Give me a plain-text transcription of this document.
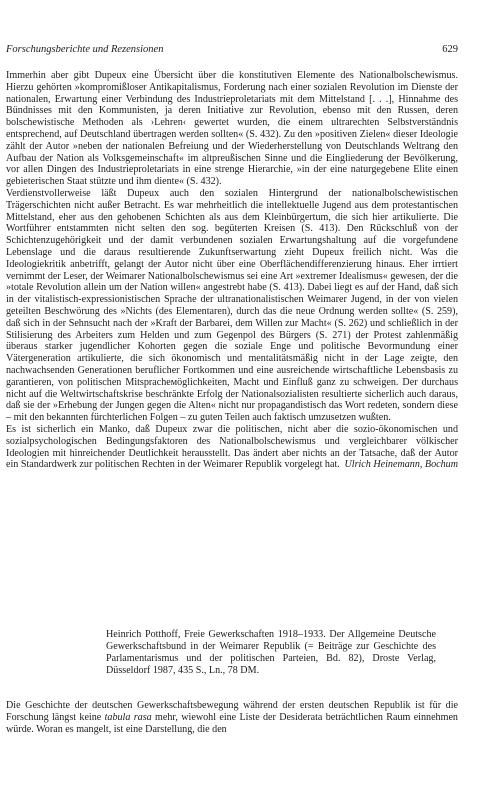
Forschungsberichte und Rezensionen	629

Immerhin aber gibt Dupeux eine Übersicht über die konstitutiven Elemente des Nationalbolschewismus. Hierzu gehörten »kompromißloser Antikapitalismus, Forderung nach einer sozialen Revolution im Dienste der nationalen, Erwartung einer Verbindung des Industrieproletariats mit dem Mittelstand [. . .], Hinnahme des Bündnisses mit den Kommunisten, ja deren Initiative zur Revolution, ebenso mit den Russen, deren bolschewistische Methoden als ›Lehren‹ gewertet wurden, die einem ultrarechten Selbstverständnis entsprechend, auf Deutschland übertragen werden sollten« (S. 432). Zu den »positiven Zielen« dieser Ideologie zählt der Autor »neben der nationalen Befreiung und der Wiederherstellung von Deutschlands Weltrang den Aufbau der Nation als Volksgemeinschaft« im altpreußischen Sinne und die Eingliederung der Bevölkerung, vor allen Dingen des Industrieproletariats in eine strenge Hierarchie, »in der eine naturgegebene Elite einen gebieterischen Staat stützte und ihm diente« (S. 432).

Verdienstvollerweise läßt Dupeux auch den sozialen Hintergrund der nationalbolschewistischen Trägerschichten nicht außer Betracht. Es war mehrheitlich die intellektuelle Jugend aus dem protestantischen Mittelstand, eher aus den gehobenen Schichten als aus dem Kleinbürgertum, die sich hier artikulierte. Die Wortführer entstammten nicht selten den sog. begüterten Kreisen (S. 413). Den Rückschluß von der Schichtenzugehörigkeit und der damit verbundenen sozialen Erwartungshaltung auf die vorgefundene Lebenslage und die daraus resultierende Zukunftserwartung zieht Dupeux freilich nicht. Was die Ideologiekritik anbetrifft, gelangt der Autor nicht über eine Oberflächendifferenzierung hinaus. Eher irrtiert vernimmt der Leser, der Weimarer Nationalbolschewismus sei eine Art »extremer Idealismus« gewesen, der die »totale Revolution allein um der Nation willen« angestrebt habe (S. 413). Dabei liegt es auf der Hand, daß sich in der vitalistisch-expressionistischen Sprache der ultranationalistischen Weimarer Jugend, in der von vielen geteilten Beschwörung des »Nichts (des Elementaren), durch das die neue Ordnung werden sollte« (S. 259), daß sich in der Sehnsucht nach der »Kraft der Barbarei, dem Willen zur Macht« (S. 262) und schließlich in der Stilisierung des Arbeiters zum Helden und zum Gegenpol des Bürgers (S. 271) der Protest zahlenmäßig überaus starker jugendlicher Kohorten gegen die soziale Enge und politische Bevormundung einer Vätergeneration artikulierte, die sich ökonomisch und mentalitätsmäßig nicht in der Lage zeigte, den nachwachsenden Generationen beruflicher Fortkommen und eine ausreichende wirtschaftliche Lebensbasis zu garantieren, von politischen Mitspracheмöglichkeiten, Macht und Einfluß ganz zu schweigen. Der durchaus nicht auf die Weltwirtschaftskrise beschränkte Erfolg der Nationalsozialisten resultierte sicherlich auch daraus, daß sie der »Erhebung der Jungen gegen die Alten« nicht nur propagandistisch das Wort redeten, sondern diese – mit den bekannten fürchterlichen Folgen – zu guten Teilen auch faktisch umzusetzen wußten.

Es ist sicherlich ein Manko, daß Dupeux zwar die politischen, nicht aber die sozio-ökonomischen und sozialpsychologischen Bedingungsfaktoren des Nationalbolschewismus und vergleichbarer völkischer Ideologien mit hinreichender Deutlichkeit herausstellt. Das ändert aber nichts an der Tatsache, daß der Autor ein Standardwerk zur politischen Rechten in der Weimarer Republik vorgelegt hat. Ulrich Heinemann, Bochum

Heinrich Potthoff, Freie Gewerkschaften 1918–1933. Der Allgemeine Deutsche Gewerkschaftsbund in der Weimarer Republik (= Beiträge zur Geschichte des Parlamentarismus und der politischen Parteien, Bd. 82), Droste Verlag, Düsseldorf 1987, 435 S., Ln., 78 DM.
Die Geschichte der deutschen Gewerkschaftsbewegung während der ersten deutschen Republik ist für die Forschung längst keine tabula rasa mehr, wiewohl eine Liste der Desiderata beträchtlichen Raum einnehmen würde. Woran es mangelt, ist eine Darstellung, die den
